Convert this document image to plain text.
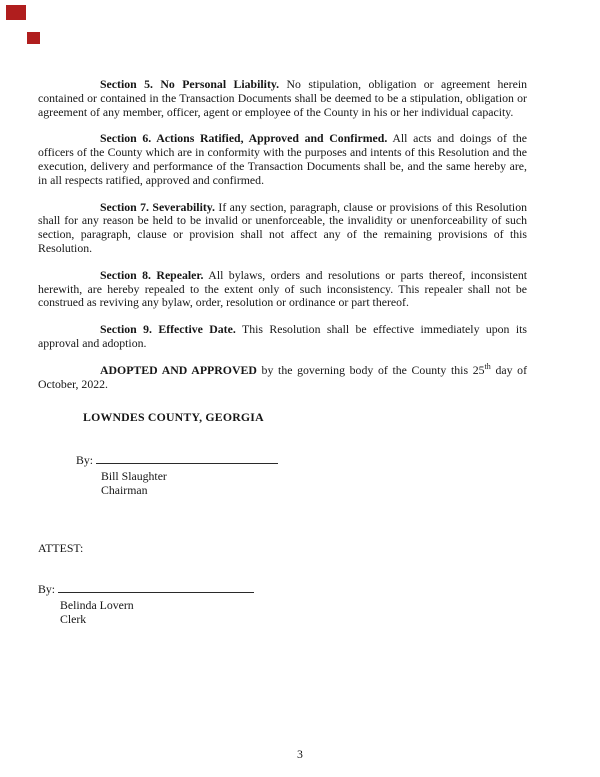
Section 5. No Personal Liability. No stipulation, obligation or agreement herein contained or contained in the Transaction Documents shall be deemed to be a stipulation, obligation or agreement of any member, officer, agent or employee of the County in his or her individual capacity.

Section 6. Actions Ratified, Approved and Confirmed. All acts and doings of the officers of the County which are in conformity with the purposes and intents of this Resolution and the execution, delivery and performance of the Transaction Documents shall be, and the same hereby are, in all respects ratified, approved and confirmed.

Section 7. Severability. If any section, paragraph, clause or provisions of this Resolution shall for any reason be held to be invalid or unenforceable, the invalidity or unenforceability of such section, paragraph, clause or provision shall not affect any of the remaining provisions of this Resolution.

Section 8. Repealer. All bylaws, orders and resolutions or parts thereof, inconsistent herewith, are hereby repealed to the extent only of such inconsistency. This repealer shall not be construed as reviving any bylaw, order, resolution or ordinance or part thereof.

Section 9. Effective Date. This Resolution shall be effective immediately upon its approval and adoption.

ADOPTED AND APPROVED by the governing body of the County this 25th day of October, 2022.

LOWNDES COUNTY, GEORGIA

By:

Bill Slaughter

Chairman

ATTEST:

By:

Belinda Lovern

Clerk

3
